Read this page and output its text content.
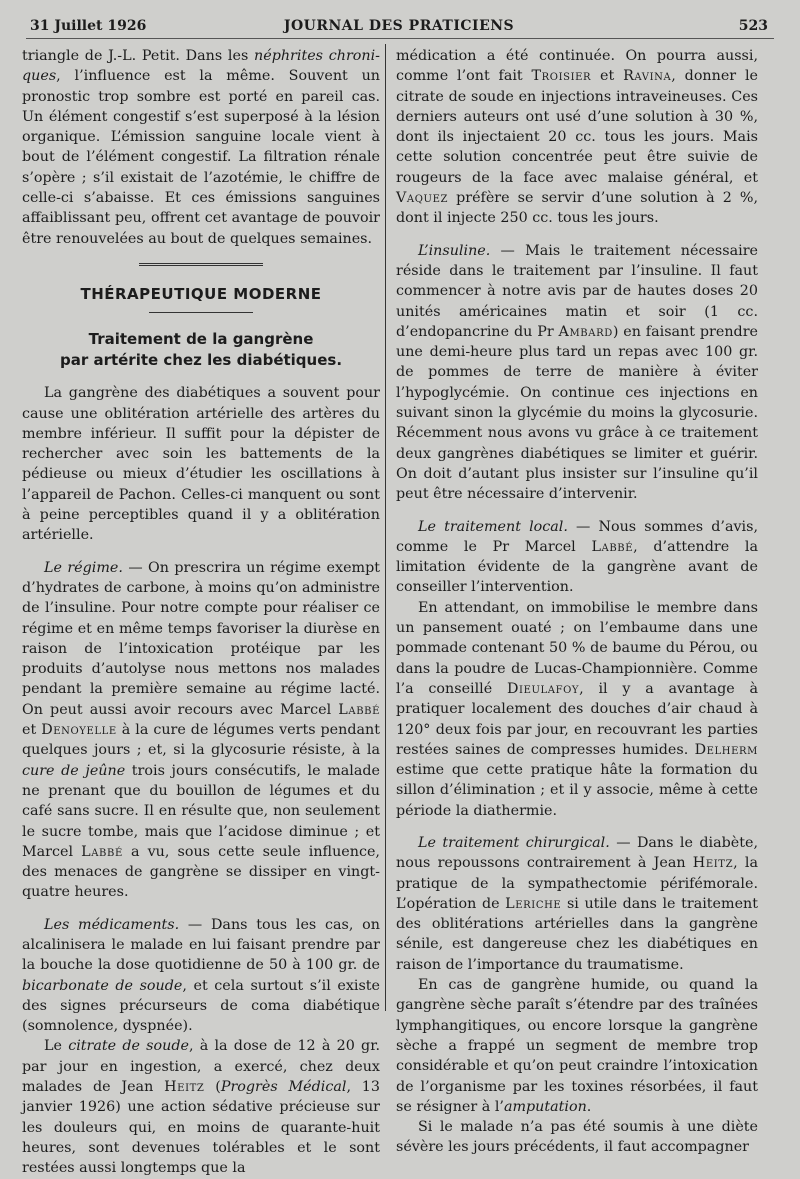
31 Juillet 1926	JOURNAL DES PRATICIENS	523

triangle de J.-L. Petit. Dans les néphrites chroni-ques, l’influence est la même. Souvent un pronostic trop sombre est porté en pareil cas. Un élément congestif s’est superposé à la lésion organique. L’émission sanguine locale vient à bout de l’élément congestif. La filtration rénale s’opère ; s’il existait de l’azotémie, le chiffre de celle-ci s’abaisse. Et ces émissions sanguines affaiblissant peu, offrent cet avantage de pouvoir être renouvelées au bout de quelques semaines.

THÉRAPEUTIQUE MODERNE
Traitement de la gangrène
par artérite chez les diabétiques.

La gangrène des diabétiques a souvent pour cause une oblitération artérielle des artères du membre inférieur. Il suffit pour la dépister de rechercher avec soin les battements de la pédieuse ou mieux d’étudier les oscillations à l’appareil de Pachon. Celles-ci manquent ou sont à peine perceptibles quand il y a oblitération artérielle.

Le régime. — On prescrira un régime exempt d’hydrates de carbone, à moins qu’on administre de l’insuline. Pour notre compte pour réaliser ce régime et en même temps favoriser la diurèse en raison de l’intoxication protéique par les produits d’autolyse nous mettons nos malades pendant la première semaine au régime lacté. On peut aussi avoir recours avec Marcel Labbé et Denoyelle à la cure de légumes verts pendant quelques jours ; et, si la glycosurie résiste, à la cure de jeûne trois jours consécutifs, le malade ne prenant que du bouillon de légumes et du café sans sucre. Il en résulte que, non seulement le sucre tombe, mais que l’acidose diminue ; et Marcel Labbé a vu, sous cette seule influence, des menaces de gangrène se dissiper en vingt-quatre heures.

Les médicaments. — Dans tous les cas, on alcalinisera le malade en lui faisant prendre par la bouche la dose quotidienne de 50 à 100 gr. de bicarbonate de soude, et cela surtout s’il existe des signes précurseurs de coma diabétique (somnolence, dyspnée).

Le citrate de soude, à la dose de 12 à 20 gr. par jour en ingestion, a exercé, chez deux malades de Jean Heitz (Progrès Médical, 13 janvier 1926) une action sédative précieuse sur les douleurs qui, en moins de quarante-huit heures, sont devenues tolérables et le sont restées aussi longtemps que la

médication a été continuée. On pourra aussi, comme l’ont fait Troisier et Ravina, donner le citrate de soude en injections intraveineuses. Ces derniers auteurs ont usé d’une solution à 30 %, dont ils injectaient 20 cc. tous les jours. Mais cette solution concentrée peut être suivie de rougeurs de la face avec malaise général, et Vaquez préfère se servir d’une solution à 2 %, dont il injecte 250 cc. tous les jours.

L’insuline. — Mais le traitement nécessaire réside dans le traitement par l’insuline. Il faut commencer à notre avis par de hautes doses 20 unités américaines matin et soir (1 cc. d’endopancrine du Pr Ambard) en faisant prendre une demi-heure plus tard un repas avec 100 gr. de pommes de terre de manière à éviter l’hypoglycémie. On continue ces injections en suivant sinon la glycémie du moins la glycosurie. Récemment nous avons vu grâce à ce traitement deux gangrènes diabétiques se limiter et guérir. On doit d’autant plus insister sur l’insuline qu’il peut être nécessaire d’intervenir.

Le traitement local. — Nous sommes d’avis, comme le Pr Marcel Labbé, d’attendre la limitation évidente de la gangrène avant de conseiller l’intervention.

En attendant, on immobilise le membre dans un pansement ouaté ; on l’embaume dans une pommade contenant 50 % de baume du Pérou, ou dans la poudre de Lucas-Championnière. Comme l’a conseillé Dieulafoy, il y a avantage à pratiquer localement des douches d’air chaud à 120° deux fois par jour, en recouvrant les parties restées saines de compresses humides. Delherm estime que cette pratique hâte la formation du sillon d’élimination ; et il y associe, même à cette période la diathermie.

Le traitement chirurgical. — Dans le diabète, nous repoussons contrairement à Jean Heitz, la pratique de la sympathectomie périfémorale. L’opération de Leriche si utile dans le traitement des oblitérations artérielles dans la gangrène sénile, est dangereuse chez les diabétiques en raison de l’importance du traumatisme.

En cas de gangrène humide, ou quand la gangrène sèche paraît s’étendre par des traînées lymphangitiques, ou encore lorsque la gangrène sèche a frappé un segment de membre trop considérable et qu’on peut craindre l’intoxication de l’organisme par les toxines résorbées, il faut se résigner à l’amputation.

Si le malade n’a pas été soumis à une diète sévère les jours précédents, il faut accompagner
